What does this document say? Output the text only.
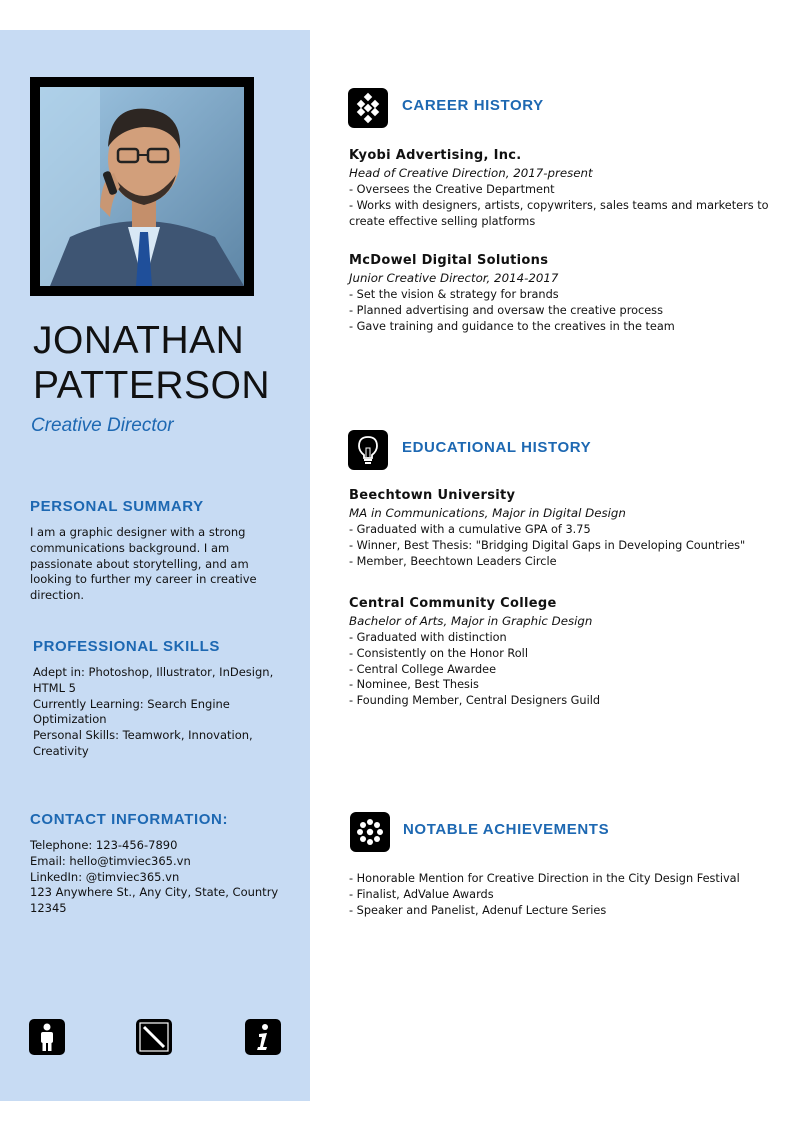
JONATHAN
PATTERSON
Creative Director
PERSONAL SUMMARY
I am a graphic designer with a strong
communications background. I am
passionate about storytelling, and am
looking to further my career in creative
direction.
PROFESSIONAL SKILLS
Adept in: Photoshop, Illustrator, InDesign,
HTML 5
Currently Learning: Search Engine
Optimization
Personal Skills: Teamwork, Innovation,
Creativity
CONTACT INFORMATION:
Telephone: 123-456-7890
Email: hello@timviec365.vn
LinkedIn: @timviec365.vn
123 Anywhere St., Any City, State, Country
12345
CAREER HISTORY
Kyobi Advertising, Inc.
Head of Creative Direction, 2017-present
- Oversees the Creative Department
- Works with designers, artists, copywriters, sales teams and marketers to
create effective selling platforms
McDowel Digital Solutions
Junior Creative Director, 2014-2017
- Set the vision & strategy for brands
- Planned advertising and oversaw the creative process
- Gave training and guidance to the creatives in the team
EDUCATIONAL HISTORY
Beechtown University
MA in Communications, Major in Digital Design
- Graduated with a cumulative GPA of 3.75
- Winner, Best Thesis: "Bridging Digital Gaps in Developing Countries"
- Member, Beechtown Leaders Circle
Central Community College
Bachelor of Arts, Major in Graphic Design
- Graduated with distinction
- Consistently on the Honor Roll
- Central College Awardee
- Nominee, Best Thesis
- Founding Member, Central Designers Guild
NOTABLE ACHIEVEMENTS
- Honorable Mention for Creative Direction in the City Design Festival
- Finalist, AdValue Awards
- Speaker and Panelist, Adenuf Lecture Series
